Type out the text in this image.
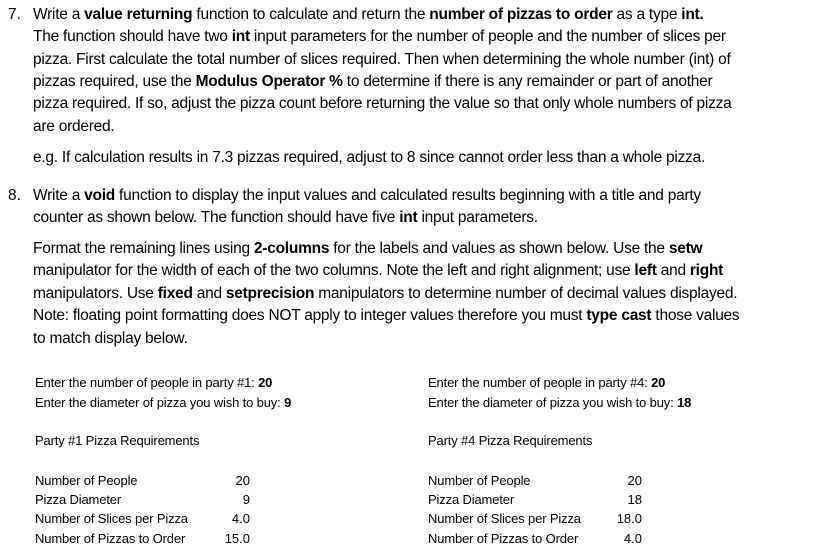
7. Write a value returning function to calculate and return the number of pizzas to order as a type int.
The function should have two int input parameters for the number of people and the number of slices per
pizza. First calculate the total number of slices required. Then when determining the whole number (int) of
pizzas required, use the Modulus Operator % to determine if there is any remainder or part of another
pizza required. If so, adjust the pizza count before returning the value so that only whole numbers of pizza
are ordered.
e.g. If calculation results in 7.3 pizzas required, adjust to 8 since cannot order less than a whole pizza.
8. Write a void function to display the input values and calculated results beginning with a title and party
counter as shown below. The function should have five int input parameters.
Format the remaining lines using 2-columns for the labels and values as shown below. Use the setw
manipulator for the width of each of the two columns. Note the left and right alignment; use left and right
manipulators. Use fixed and setprecision manipulators to determine number of decimal values displayed.
Note: floating point formatting does NOT apply to integer values therefore you must type cast those values
to match display below.
Enter the number of people in party #1: 20
Enter the diameter of pizza you wish to buy: 9
Party #1 Pizza Requirements
Number of People	20
Pizza Diameter	9
Number of Slices per Pizza	4.0
Number of Pizzas to Order	15.0
Enter the number of people in party #4: 20
Enter the diameter of pizza you wish to buy: 18
Party #4 Pizza Requirements
Number of People	20
Pizza Diameter	18
Number of Slices per Pizza	18.0
Number of Pizzas to Order	4.0
